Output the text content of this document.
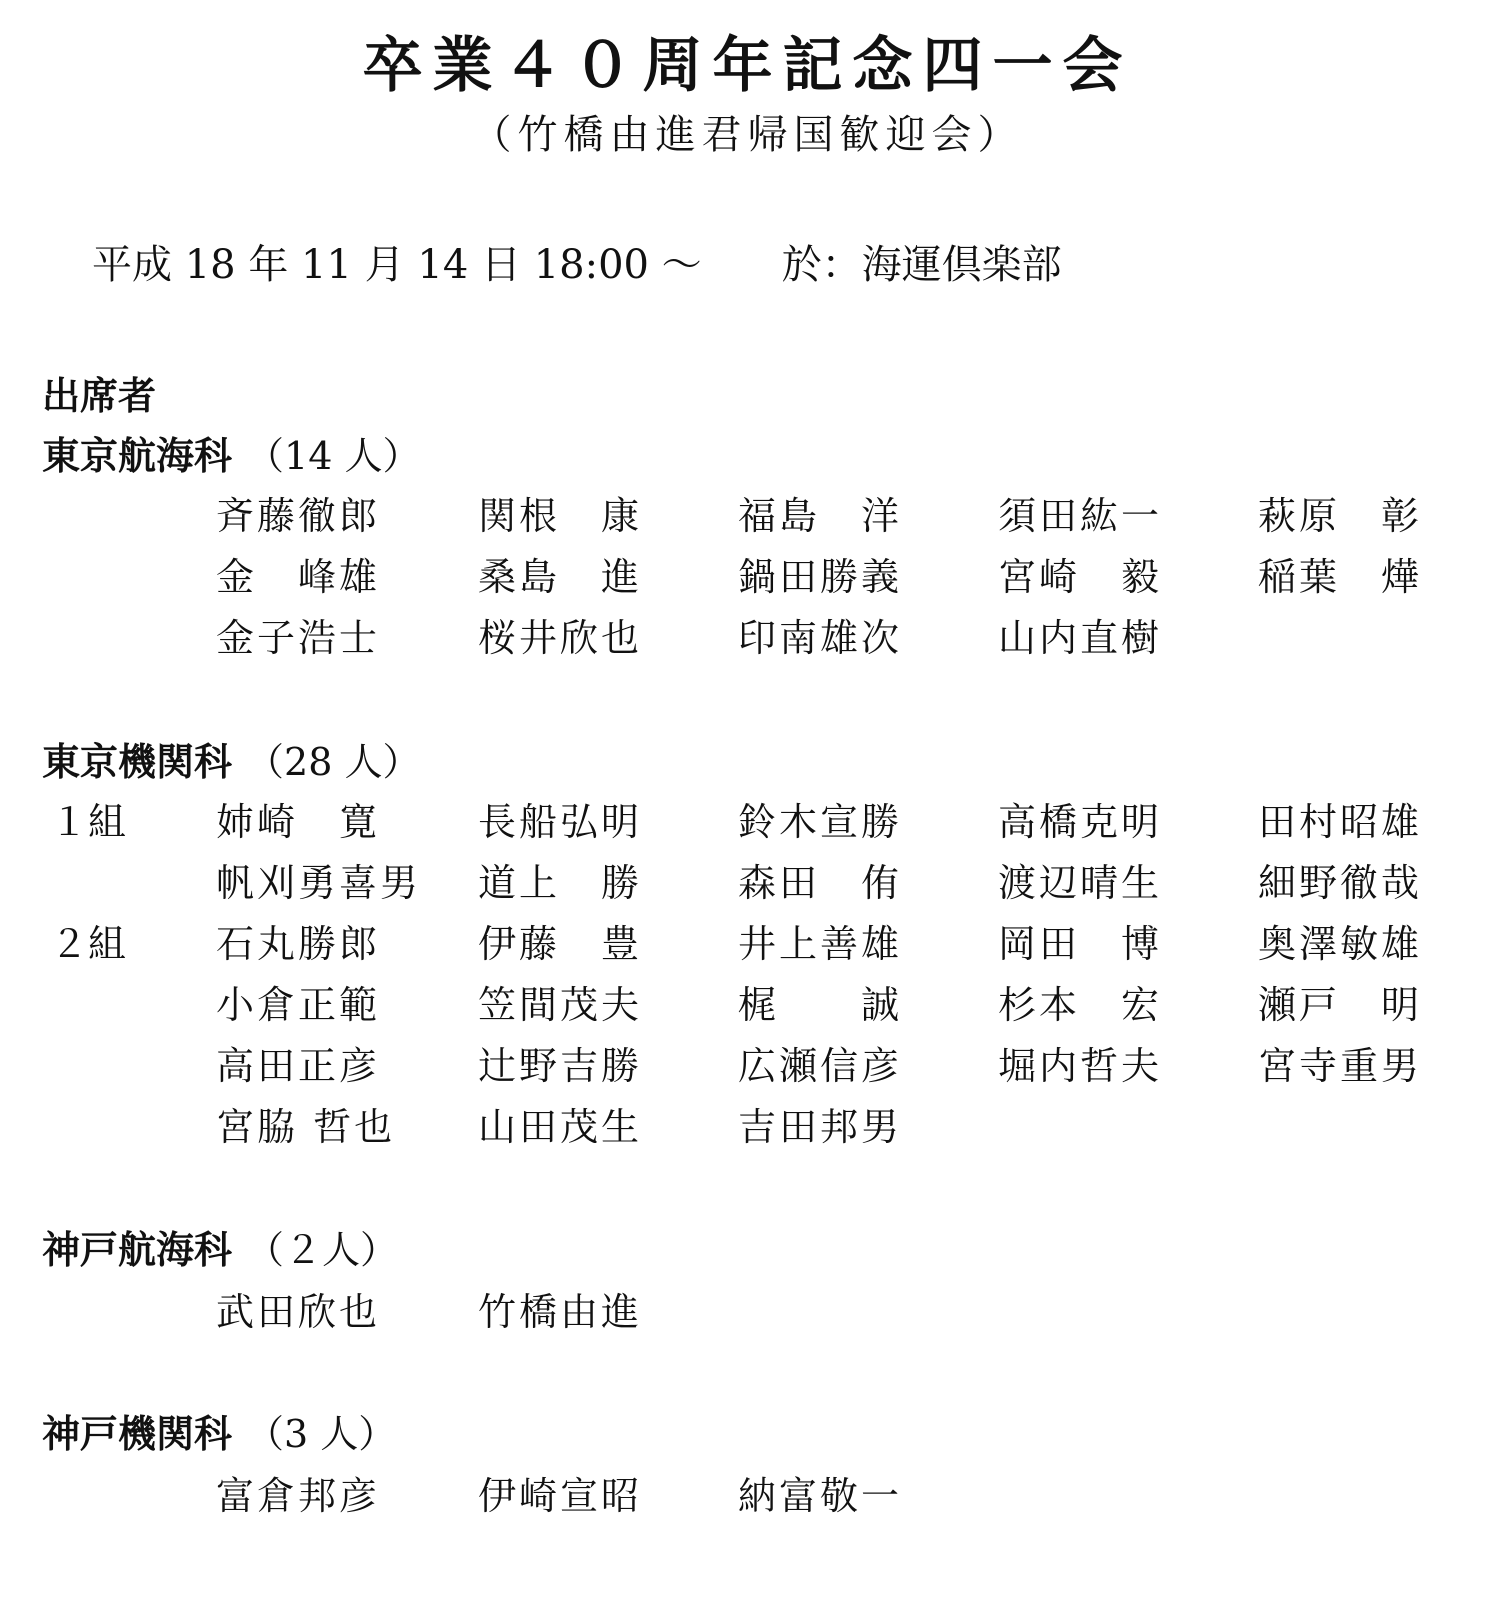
卒業４０周年記念四一会
（竹橋由進君帰国歓迎会）
平成 18 年 11 月 14 日 18:00 ～ 於：海運倶楽部
出席者
東京航海科 （14 人）
斉藤徹郎	関根　康	福島　洋	須田紘一	萩原　彰
金　峰雄	桑島　進	鍋田勝義	宮崎　毅	稲葉　燁
金子浩士	桜井欣也	印南雄次	山内直樹
東京機関科 （28 人）
１組 姉崎　寛	長船弘明	鈴木宣勝	高橋克明	田村昭雄
帆刈勇喜男 道上　勝	森田　侑	渡辺晴生	細野徹哉
２組 石丸勝郎	伊藤　豊	井上善雄	岡田　博	奥澤敏雄
小倉正範	笠間茂夫	梶　　誠	杉本　宏	瀬戸　明
高田正彦	辻野吉勝	広瀬信彦	堀内哲夫	宮寺重男
宮脇 哲也	山田茂生	吉田邦男
神戸航海科 （２人）
武田欣也	竹橋由進
神戸機関科 （3 人）
富倉邦彦	伊崎宣昭	納富敬一
